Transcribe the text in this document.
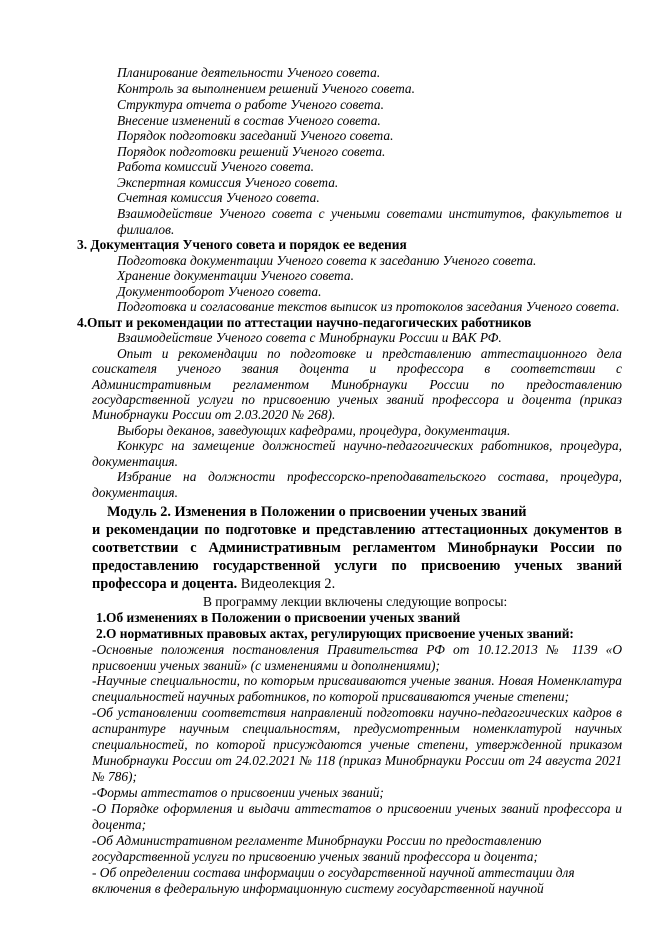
Планирование деятельности Ученого совета.
Контроль за выполнением решений Ученого совета.
Структура отчета о работе Ученого совета.
Внесение изменений в состав Ученого совета.
Порядок подготовки заседаний Ученого совета.
Порядок подготовки решений Ученого совета.
Работа комиссий Ученого совета.
Экспертная комиссия Ученого совета.
Счетная комиссия Ученого совета.
Взаимодействие Ученого совета с учеными советами институтов, факультетов и
филиалов.
3. Документация Ученого совета и порядок ее ведения
Подготовка документации Ученого совета к заседанию Ученого совета.
Хранение документации Ученого совета.
Документооборот Ученого совета.
Подготовка и согласование текстов выписок из протоколов заседания Ученого совета.
4.Опыт и рекомендации по аттестации научно-педагогических работников
Взаимодействие Ученого совета с Минобрнауки России и ВАК РФ.
Опыт и рекомендации по подготовке и представлению аттестационного дела
соискателя ученого звания доцента и профессора в соответствии с
Административным регламентом Минобрнауки России по предоставлению
государственной услуги по присвоению ученых званий профессора и доцента (приказ
Минобрнауки России от 2.03.2020 № 268).
Выборы деканов, заведующих кафедрами, процедура, документация.
Конкурс на замещение должностей научно-педагогических работников, процедура,
документация.
Избрание на должности профессорско-преподавательского состава, процедура,
документация.
Модуль 2. Изменения в Положении о присвоении ученых званий
и рекомендации по подготовке и представлению аттестационных документов в
соответствии с Административным регламентом Минобрнауки России по
предоставлению государственной услуги по присвоению ученых званий
профессора и доцента. Видеолекция 2.
В программу лекции включены следующие вопросы:
1.Об изменениях в Положении о присвоении ученых званий
2.О нормативных правовых актах, регулирующих присвоение ученых званий:
-Основные положения постановления Правительства РФ от 10.12.2013 № 1139 «О
присвоении ученых званий» (с изменениями и дополнениями);
-Научные специальности, по которым присваиваются ученые звания. Новая Номенклатура
специальностей научных работников, по которой присваиваются ученые степени;
-Об установлении соответствия направлений подготовки научно-педагогических кадров в
аспирантуре научным специальностям, предусмотренным номенклатурой научных
специальностей, по которой присуждаются ученые степени, утвержденной приказом
Минобрнауки России от 24.02.2021 № 118 (приказ Минобрнауки России от 24 августа 2021
№ 786);
-Формы аттестатов о присвоении ученых званий;
-О Порядке оформления и выдачи аттестатов о присвоении ученых званий профессора и
доцента;
-Об Административном регламенте Минобрнауки России по предоставлению
государственной услуги по присвоению ученых званий профессора и доцента;
- Об определении состава информации о государственной научной аттестации для
включения в федеральную информационную систему государственной научной
